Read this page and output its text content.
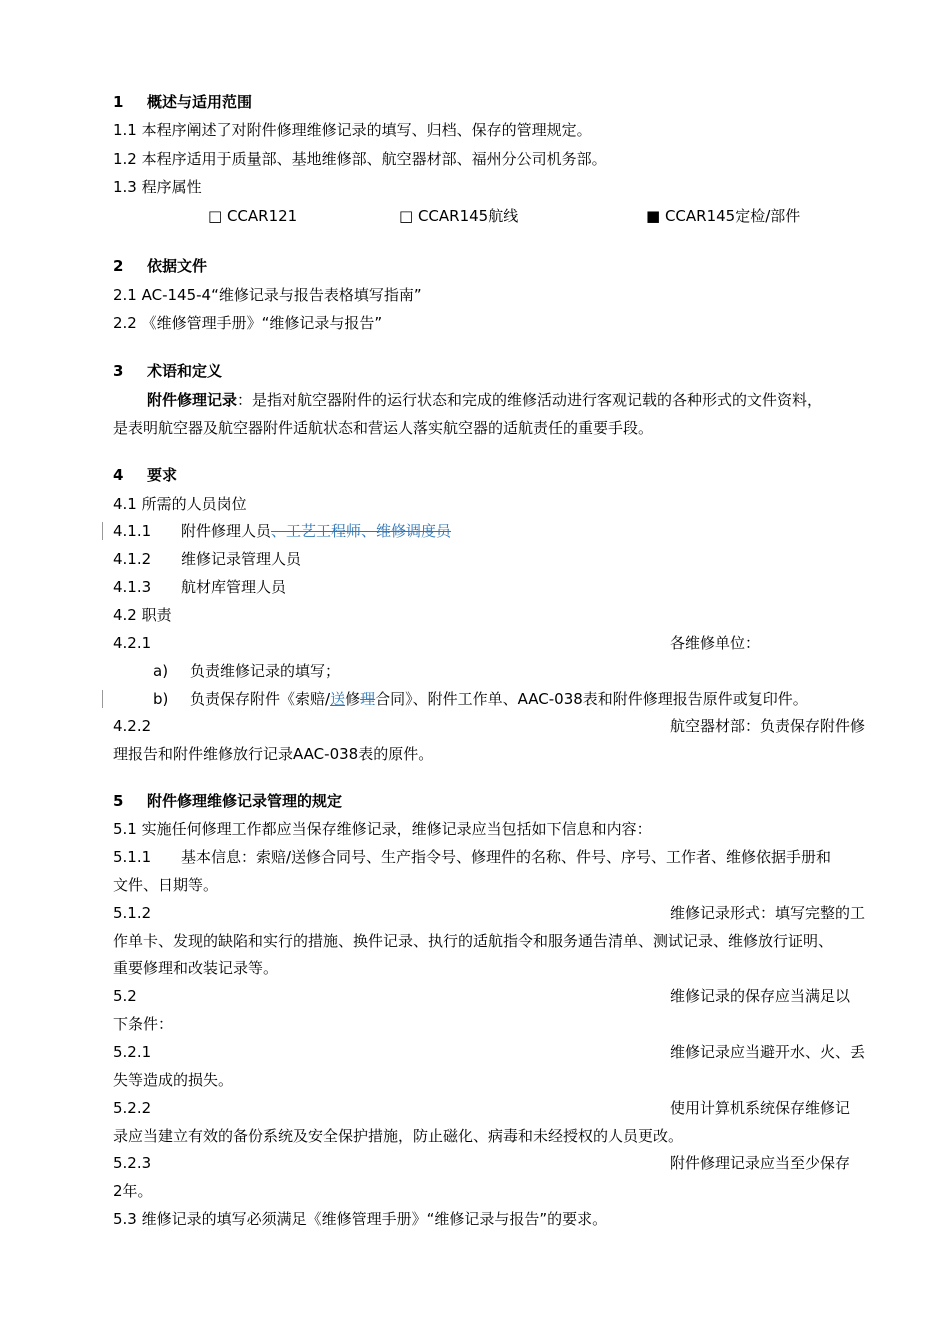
1 概述与适用范围
1.1 本程序阐述了对附件修理维修记录的填写、归档、保存的管理规定。
1.2 本程序适用于质量部、基地维修部、航空器材部、福州分公司机务部。
1.3 程序属性
□ CCAR121	□ CCAR145航线	■ CCAR145定检/部件
2 依据文件
2.1 AC-145-4“维修记录与报告表格填写指南”
2.2 《维修管理手册》“维修记录与报告”
3 术语和定义
附件修理记录：是指对航空器附件的运行状态和完成的维修活动进行客观记载的各种形式的文件资料，
是表明航空器及航空器附件适航状态和营运人落实航空器的适航责任的重要手段。
4 要求
4.1 所需的人员岗位
4.1.1 附件修理人员、工艺工程师、维修调度员
4.1.2 维修记录管理人员
4.1.3 航材库管理人员
4.2 职责
4.2.1	各维修单位：
a) 负责维修记录的填写；
b) 负责保存附件《索赔/送修理合同》、附件工作单、AAC-038表和附件修理报告原件或复印件。
4.2.2	航空器材部：负责保存附件修
理报告和附件维修放行记录AAC-038表的原件。
5 附件修理维修记录管理的规定
5.1 实施任何修理工作都应当保存维修记录，维修记录应当包括如下信息和内容：
5.1.1 基本信息：索赔/送修合同号、生产指令号、修理件的名称、件号、序号、工作者、维修依据手册和
文件、日期等。
5.1.2	维修记录形式：填写完整的工
作单卡、发现的缺陷和实行的措施、换件记录、执行的适航指令和服务通告清单、测试记录、维修放行证明、
重要修理和改装记录等。
5.2	维修记录的保存应当满足以
下条件：
5.2.1	维修记录应当避开水、火、丢
失等造成的损失。
5.2.2	使用计算机系统保存维修记
录应当建立有效的备份系统及安全保护措施，防止磁化、病毒和未经授权的人员更改。
5.2.3	附件修理记录应当至少保存
2年。
5.3 维修记录的填写必须满足《维修管理手册》“维修记录与报告”的要求。
